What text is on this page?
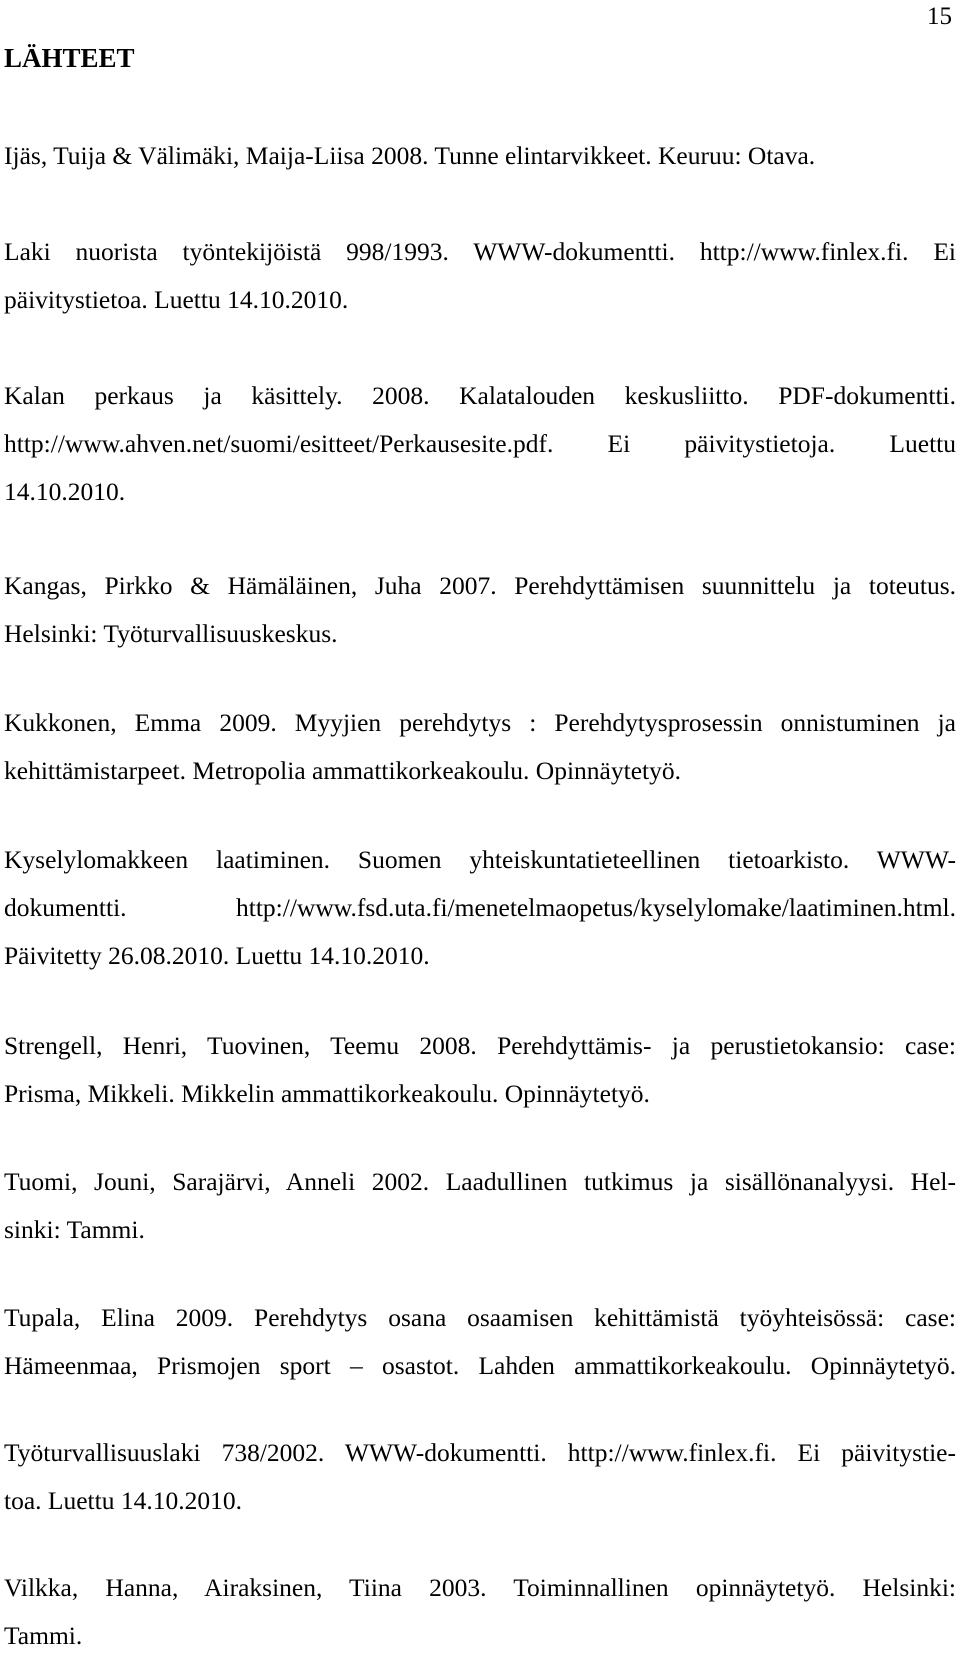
15
LÄHTEET

Ijäs, Tuija & Välimäki, Maija-Liisa 2008. Tunne elintarvikkeet. Keuruu: Otava.

Laki nuorista työntekijöistä 998/1993. WWW-dokumentti. http://www.finlex.fi. Ei
päivitystietoa. Luettu 14.10.2010.

Kalan perkaus ja käsittely. 2008. Kalatalouden keskusliitto. PDF-dokumentti.
http://www.ahven.net/suomi/esitteet/Perkausesite.pdf. Ei päivitystietoja. Luettu
14.10.2010.

Kangas, Pirkko & Hämäläinen, Juha 2007. Perehdyttämisen suunnittelu ja toteutus.
Helsinki: Työturvallisuuskeskus.

Kukkonen, Emma 2009. Myyjien perehdytys : Perehdytysprosessin onnistuminen ja
kehittämistarpeet. Metropolia ammattikorkeakoulu. Opinnäytetyö.

Kyselylomakkeen laatiminen. Suomen yhteiskuntatieteellinen tietoarkisto. WWW-
dokumentti. http://www.fsd.uta.fi/menetelmaopetus/kyselylomake/laatiminen.html.
Päivitetty 26.08.2010. Luettu 14.10.2010.

Strengell, Henri, Tuovinen, Teemu 2008. Perehdyttämis- ja perustietokansio: case:
Prisma, Mikkeli. Mikkelin ammattikorkeakoulu. Opinnäytetyö.

Tuomi, Jouni, Sarajärvi, Anneli 2002. Laadullinen tutkimus ja sisällönanalyysi. Hel-
sinki: Tammi.

Tupala, Elina 2009. Perehdytys osana osaamisen kehittämistä työyhteisössä: case:
Hämeenmaa, Prismojen sport – osastot. Lahden ammattikorkeakoulu. Opinnäytetyö.

Työturvallisuuslaki 738/2002. WWW-dokumentti. http://www.finlex.fi. Ei päivitystie-
toa. Luettu 14.10.2010.

Vilkka, Hanna, Airaksinen, Tiina 2003. Toiminnallinen opinnäytetyö. Helsinki:
Tammi.
